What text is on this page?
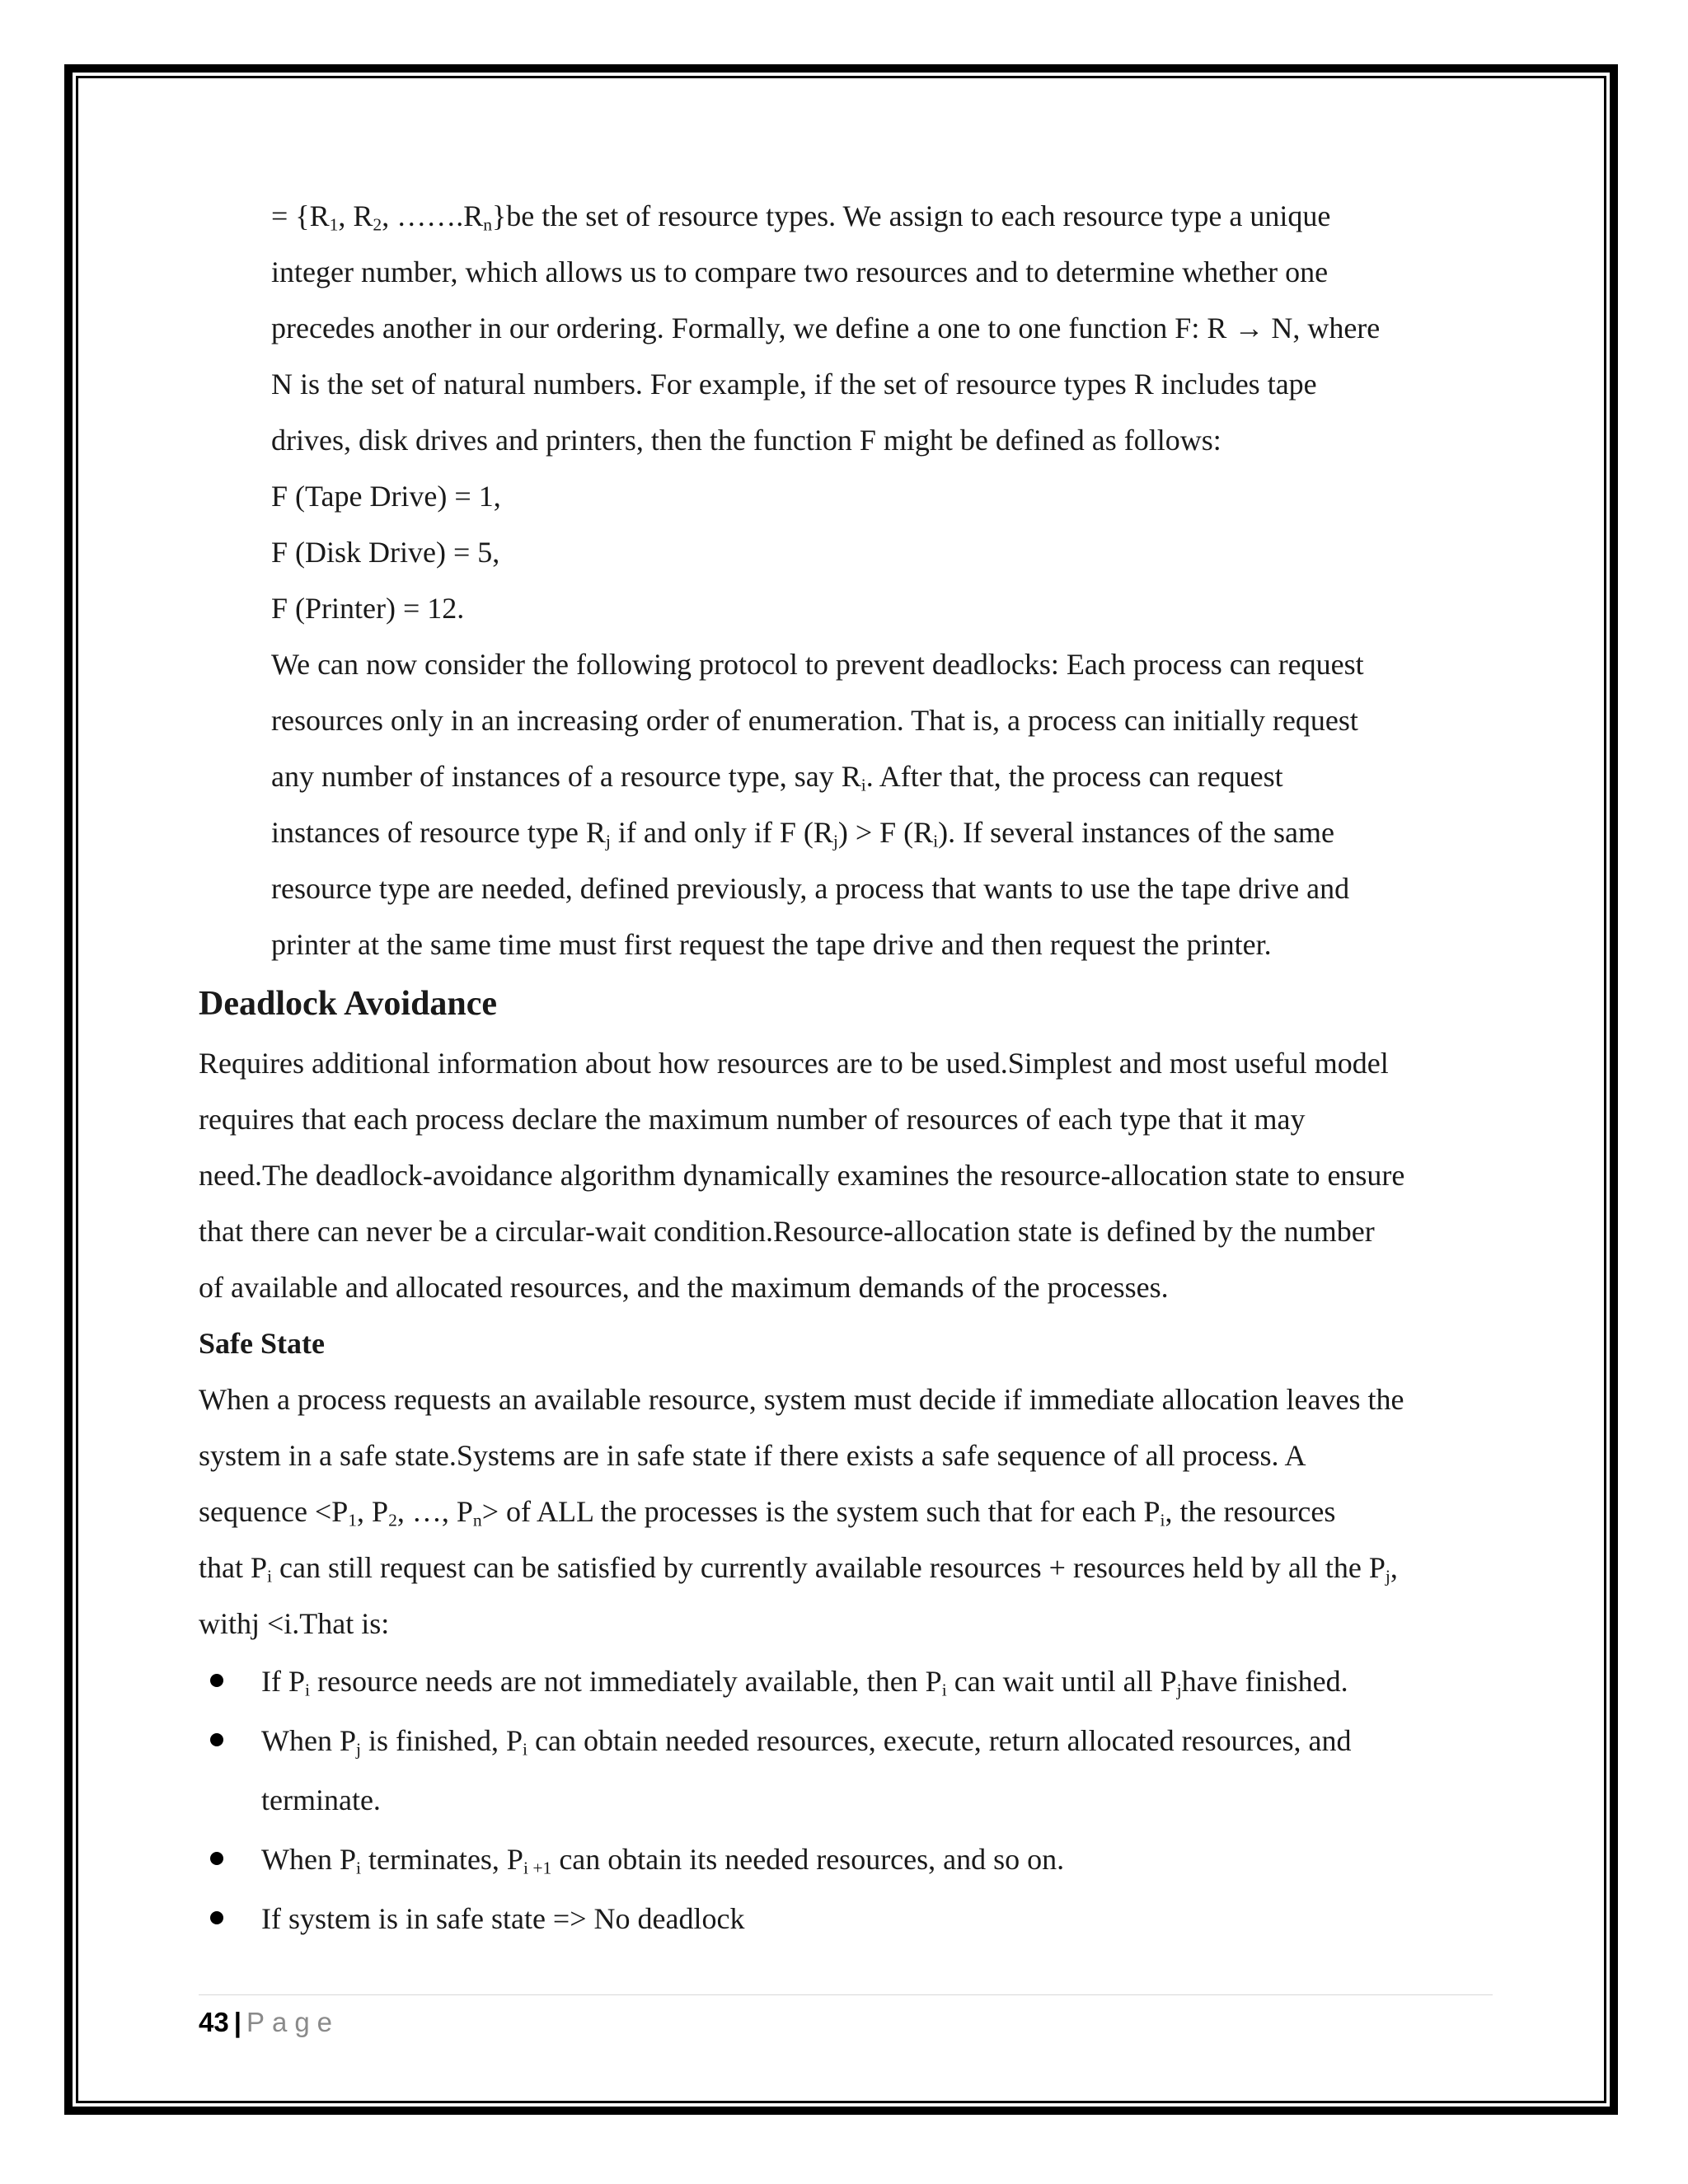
= {$R_1$, $R_2$, $\dots\dots.R_n\}be$ the set of resource types. We assign to each resource type a unique
integer number, which allows us to compare two resources and to determine whether one
precedes another in our ordering. Formally, we define a one to one function F: R → N, where
N is the set of natural numbers. For example, if the set of resource types R includes tape
drives, disk drives and printers, then the function F might be defined as follows:
F (Tape Drive) = 1,
F (Disk Drive) = 5,
F (Printer) = 12.
We can now consider the following protocol to prevent deadlocks: Each process can request
resources only in an increasing order of enumeration. That is, a process can initially request
any number of instances of a resource type, say $R_i$. After that, the process can request
instances of resource type $R_j$ if and only if F $(R_j) > F$ $(R_i)$. If several instances of the same
resource type are needed, defined previously, a process that wants to use the tape drive and
printer at the same time must first request the tape drive and then request the printer.
Deadlock Avoidance
Requires additional information about how resources are to be used.Simplest and most useful model
requires that each process declare the maximum number of resources of each type that it may
need.The deadlock-avoidance algorithm dynamically examines the resource-allocation state to ensure
that there can never be a circular-wait condition.Resource-allocation state is defined by the number
of available and allocated resources, and the maximum demands of the processes.
Safe State
When a process requests an available resource, system must decide if immediate allocation leaves the
system in a safe state.Systems are in safe state if there exists a safe sequence of all process. A
sequence $<P_1$, $P_2$, …, $P_n>$ of ALL the processes is the system such that for each $P_i$, the resources
that $P_i$ can still request can be satisfied by currently available resources + resources held by all the $P_j$,
withj <i.That is:
If $P_i$ resource needs are not immediately available, then $P_i$ can wait until all $P_jhave$ finished.
When $P_j$ is finished, $P_i$ can obtain needed resources, execute, return allocated resources, and
terminate.
When $P_i$ terminates, $P_{i +1}$ can obtain its needed resources, and so on.
If system is in safe state => No deadlock
43 | Page
